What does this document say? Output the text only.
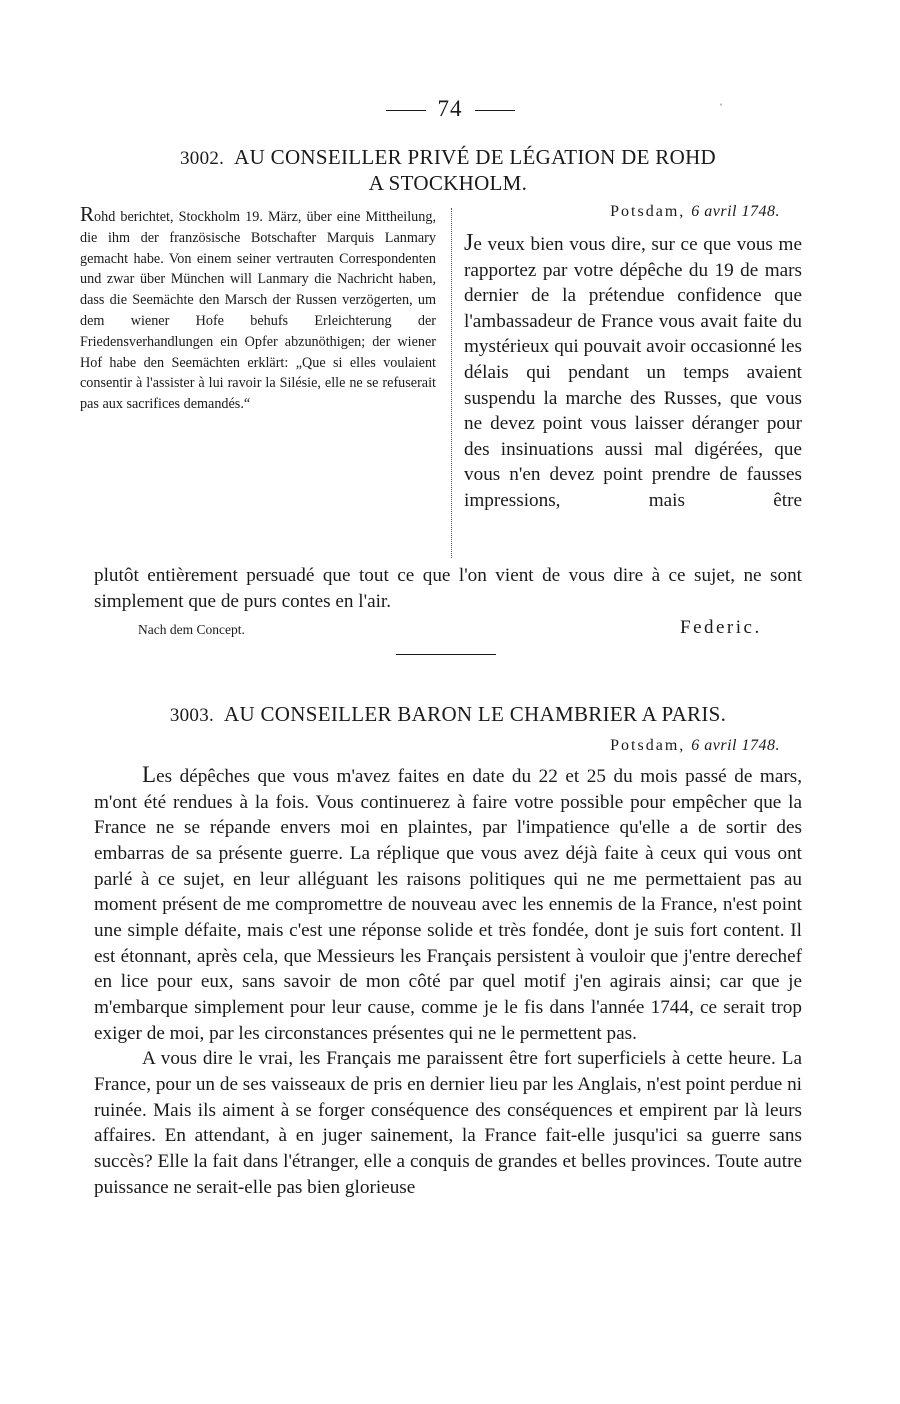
74	ˌ
3002. AU CONSEILLER PRIVÉ DE LÉGATION DE ROHD
A STOCKHOLM.
Rohd berichtet, Stockholm 19. März, über eine Mittheilung, die ihm der französische Botschafter Marquis Lanmary gemacht habe. Von einem seiner vertrauten Correspondenten und zwar über München will Lanmary die Nachricht haben, dass die Seemächte den Marsch der Russen verzögerten, um dem wiener Hofe behufs Erleichterung der Friedensverhandlungen ein Opfer abzunöthigen; der wiener Hof habe den Seemächten erklärt: „Que si elles voulaient consentir à l'assister à lui ravoir la Silésie, elle ne se refuserait pas aux sacrifices demandés.“
Potsdam, 6 avril 1748.
Je veux bien vous dire, sur ce que vous me rapportez par votre dépêche du 19 de mars dernier de la prétendue confidence que l'ambassadeur de France vous avait faite du mystérieux qui pouvait avoir occasionné les délais qui pendant un temps avaient suspendu la marche des Russes, que vous ne devez point vous laisser déranger pour des insinuations aussi mal digérées, que vous n'en devez point prendre de fausses impressions, mais être
plutôt entièrement persuadé que tout ce que l'on vient de vous dire à ce sujet, ne sont simplement que de purs contes en l'air.
Nach dem Concept.	Federic.
3003. AU CONSEILLER BARON LE CHAMBRIER A PARIS.
Potsdam, 6 avril 1748.

Les dépêches que vous m'avez faites en date du 22 et 25 du mois passé de mars, m'ont été rendues à la fois. Vous continuerez à faire votre possible pour empêcher que la France ne se répande envers moi en plaintes, par l'impatience qu'elle a de sortir des embarras de sa présente guerre. La réplique que vous avez déjà faite à ceux qui vous ont parlé à ce sujet, en leur alléguant les raisons politiques qui ne me permettaient pas au moment présent de me compromettre de nouveau avec les ennemis de la France, n'est point une simple défaite, mais c'est une réponse solide et très fondée, dont je suis fort content. Il est étonnant, après cela, que Messieurs les Français persistent à vouloir que j'entre derechef en lice pour eux, sans savoir de mon côté par quel motif j'en agirais ainsi; car que je m'embarque simplement pour leur cause, comme je le fis dans l'année 1744, ce serait trop exiger de moi, par les circonstances présentes qui ne le permettent pas.

A vous dire le vrai, les Français me paraissent être fort superficiels à cette heure. La France, pour un de ses vaisseaux de pris en dernier lieu par les Anglais, n'est point perdue ni ruinée. Mais ils aiment à se forger conséquence des conséquences et empirent par là leurs affaires. En attendant, à en juger sainement, la France fait-elle jusqu'ici sa guerre sans succès? Elle la fait dans l'étranger, elle a conquis de grandes et belles provinces. Toute autre puissance ne serait-elle pas bien glorieuse
